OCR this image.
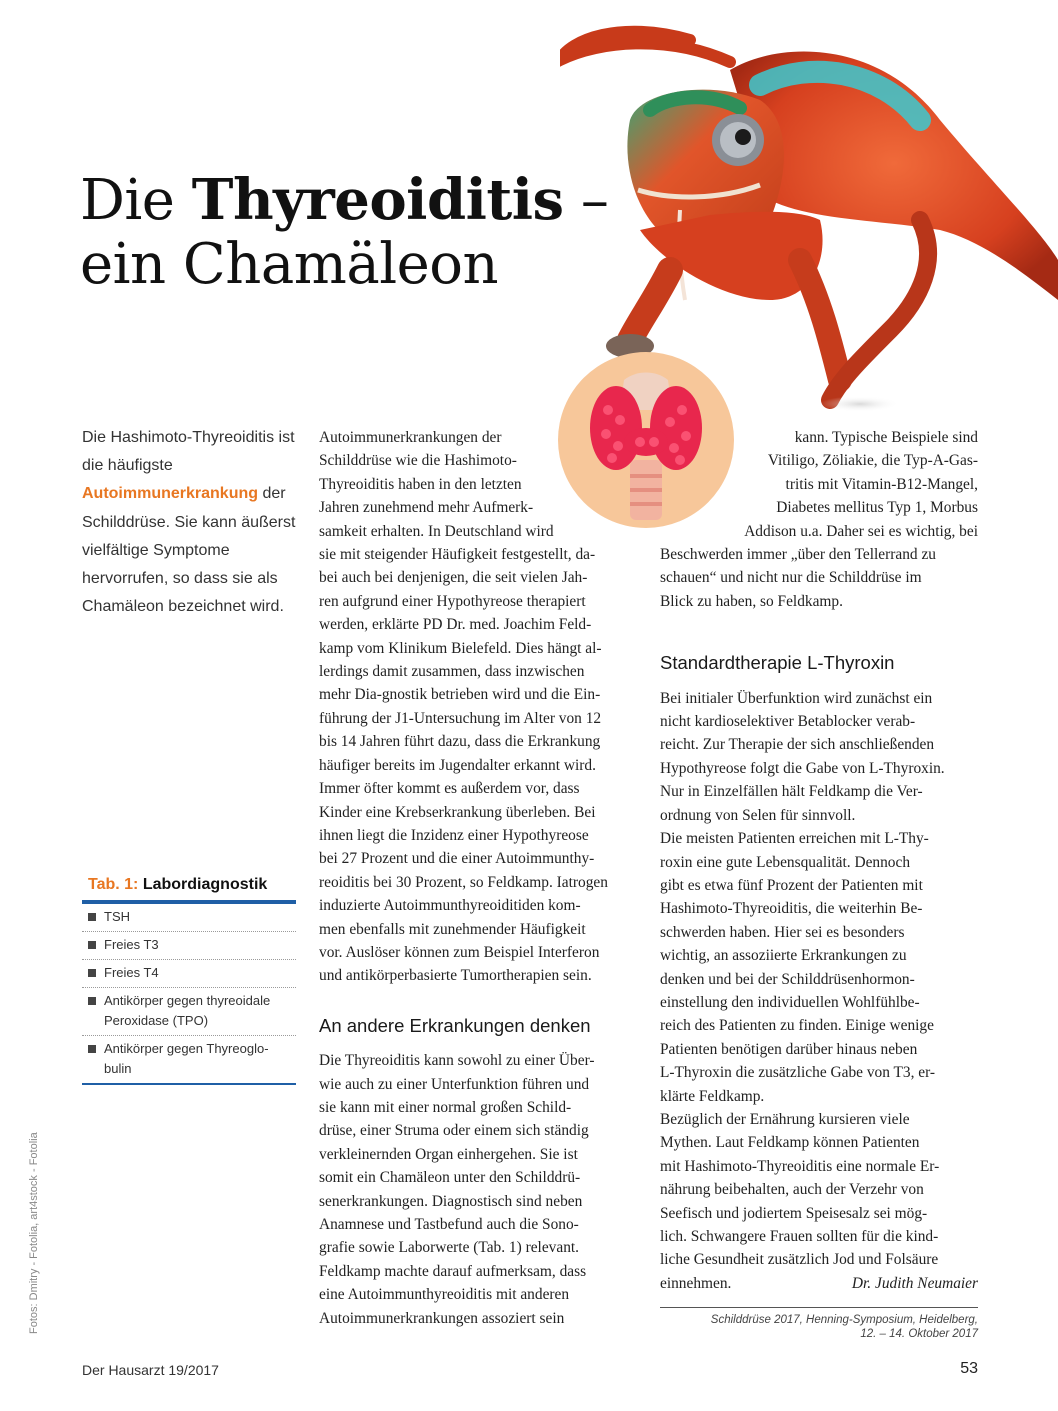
Die Thyreoiditis –
ein Chamäleon
Die Hashimoto-Thyreoiditis ist die häufigste Autoimmunerkrankung der Schilddrüse. Sie kann äußerst vielfältige Symptome hervorrufen, so dass sie als Chamäleon bezeichnet wird.
Tab. 1: Labordiagnostik
TSH
Freies T3
Freies T4
Antikörper gegen thyreoidale Peroxidase (TPO)
Antikörper gegen Thyreoglo-bulin
Autoimmunerkrankungen der
Schilddrüse wie die Hashimoto-
Thyreoiditis haben in den letzten
Jahren zunehmend mehr Aufmerk-
samkeit erhalten. In Deutschland wird
sie mit steigender Häufigkeit festgestellt, da-
bei auch bei denjenigen, die seit vielen Jah-
ren aufgrund einer Hypothyreose therapiert
werden, erklärte PD Dr. med. Joachim Feld-
kamp vom Klinikum Bielefeld. Dies hängt al-
lerdings damit zusammen, dass inzwischen
mehr Dia-gnostik betrieben wird und die Ein-
führung der J1-Untersuchung im Alter von 12
bis 14 Jahren führt dazu, dass die Erkrankung
häufiger bereits im Jugendalter erkannt wird.
Immer öfter kommt es außerdem vor, dass
Kinder eine Krebserkrankung überleben. Bei
ihnen liegt die Inzidenz einer Hypothyreose
bei 27 Prozent und die einer Autoimmunthy-
reoiditis bei 30 Prozent, so Feldkamp. Iatrogen
induzierte Autoimmunthyreoiditiden kom-
men ebenfalls mit zunehmender Häufigkeit
vor. Auslöser können zum Beispiel Interferon
und antikörperbasierte Tumortherapien sein.
An andere Erkrankungen denken
Die Thyreoiditis kann sowohl zu einer Über-
wie auch zu einer Unterfunktion führen und
sie kann mit einer normal großen Schild-
drüse, einer Struma oder einem sich ständig
verkleinernden Organ einhergehen. Sie ist
somit ein Chamäleon unter den Schilddrü-
senerkrankungen. Diagnostisch sind neben
Anamnese und Tastbefund auch die Sono-
grafie sowie Laborwerte (Tab. 1) relevant.
Feldkamp machte darauf aufmerksam, dass
eine Autoimmunthyreoiditis mit anderen
Autoimmunerkrankungen assoziert sein
kann. Typische Beispiele sind
Vitiligo, Zöliakie, die Typ-A-Gas-
tritis mit Vitamin-B12-Mangel,
Diabetes mellitus Typ 1, Morbus
Addison u.a. Daher sei es wichtig, bei
Beschwerden immer „über den Tellerrand zu
schauen“ und nicht nur die Schilddrüse im
Blick zu haben, so Feldkamp.
Standardtherapie L-Thyroxin
Bei initialer Überfunktion wird zunächst ein
nicht kardioselektiver Betablocker verab-
reicht. Zur Therapie der sich anschließenden
Hypothyreose folgt die Gabe von L-Thyroxin.
Nur in Einzelfällen hält Feldkamp die Ver-
ordnung von Selen für sinnvoll.
Die meisten Patienten erreichen mit L-Thy-
roxin eine gute Lebensqualität. Dennoch
gibt es etwa fünf Prozent der Patienten mit
Hashimoto-Thyreoiditis, die weiterhin Be-
schwerden haben. Hier sei es besonders
wichtig, an assoziierte Erkrankungen zu
denken und bei der Schilddrüsenhormon-
einstellung den individuellen Wohlfühlbe-
reich des Patienten zu finden. Einige wenige
Patienten benötigen darüber hinaus neben
L-Thyroxin die zusätzliche Gabe von T3, er-
klärte Feldkamp.
Bezüglich der Ernährung kursieren viele
Mythen. Laut Feldkamp können Patienten
mit Hashimoto-Thyreoiditis eine normale Er-
nährung beibehalten, auch der Verzehr von
Seefisch und jodiertem Speisesalz sei mög-
lich. Schwangere Frauen sollten für die kind-
liche Gesundheit zusätzlich Jod und Folsäure
einnehmen.	Dr. Judith Neumaier
Schilddrüse 2017, Henning-Symposium, Heidelberg,
12. – 14. Oktober 2017
Der Hausarzt 19/2017	53
Fotos: Dmitry - Fotolia, art4stock - Fotolia
